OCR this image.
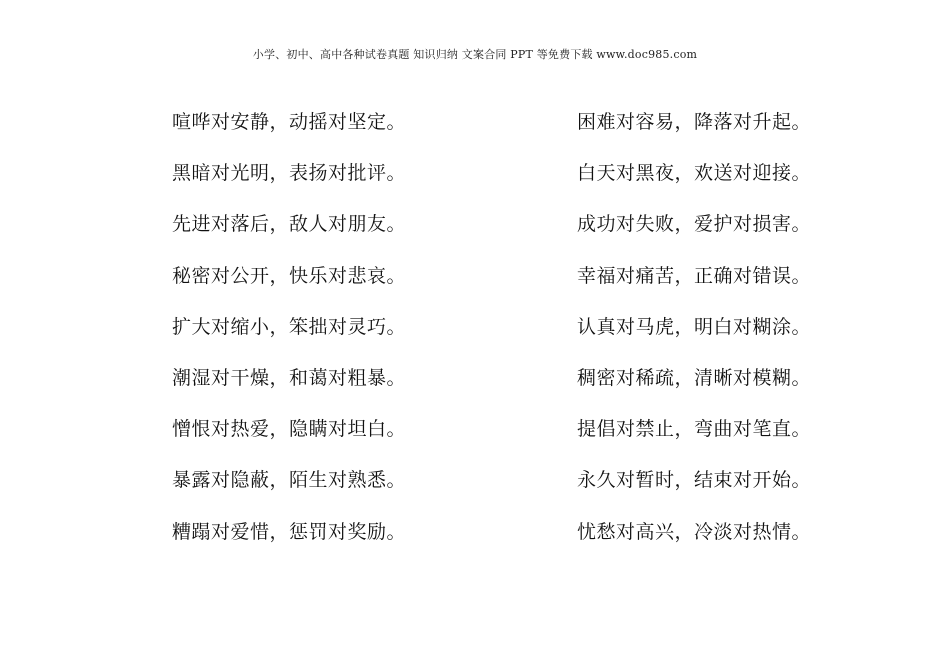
小学、初中、高中各种试卷真题 知识归纳 文案合同 PPT 等免费下载 www.doc985.com
喧哗对安静，动摇对坚定。	困难对容易，降落对升起。
黑暗对光明，表扬对批评。	白天对黑夜，欢送对迎接。
先进对落后，敌人对朋友。	成功对失败，爱护对损害。
秘密对公开，快乐对悲哀。	幸福对痛苦，正确对错误。
扩大对缩小，笨拙对灵巧。	认真对马虎，明白对糊涂。
潮湿对干燥，和蔼对粗暴。	稠密对稀疏，清晰对模糊。
憎恨对热爱，隐瞒对坦白。	提倡对禁止，弯曲对笔直。
暴露对隐蔽，陌生对熟悉。	永久对暂时，结束对开始。
糟蹋对爱惜，惩罚对奖励。	忧愁对高兴，冷淡对热情。
